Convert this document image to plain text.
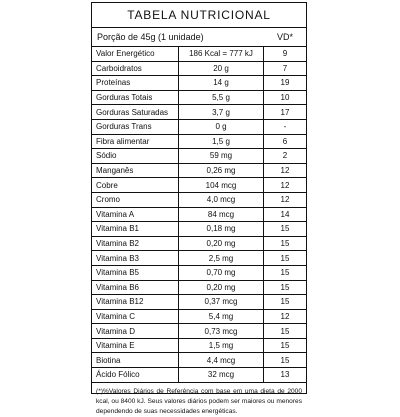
TABELA NUTRICIONAL
Porção de 45g (1 unidade)	VD*
Valor Energético	186 Kcal = 777 kJ	9
Carboidratos	20 g	7
Proteínas	14 g	19
Gorduras Totais	5,5 g	10
Gorduras Saturadas	3,7 g	17
Gorduras Trans	0 g	-
Fibra alimentar	1,5 g	6
Sódio	59 mg	2
Manganês	0,26 mg	12
Cobre	104 mcg	12
Cromo	4,0 mcg	12
Vitamina A	84 mcg	14
Vitamina B1	0,18 mg	15
Vitamina B2	0,20 mg	15
Vitamina B3	2,5 mg	15
Vitamina B5	0,70 mg	15
Vitamina B6	0,20 mg	15
Vitamina B12	0,37 mcg	15
Vitamina C	5,4 mg	12
Vitamina D	0,73 mcg	15
Vitamina E	1,5 mg	15
Biotina	4,4 mcg	15
Ácido Fólico	32 mcg	13
(*)%Valores Diários de Referência com base em uma dieta de 2000 kcal, ou 8400 kJ. Seus valores diários podem ser maiores ou menores dependendo de suas necessidades energéticas.
